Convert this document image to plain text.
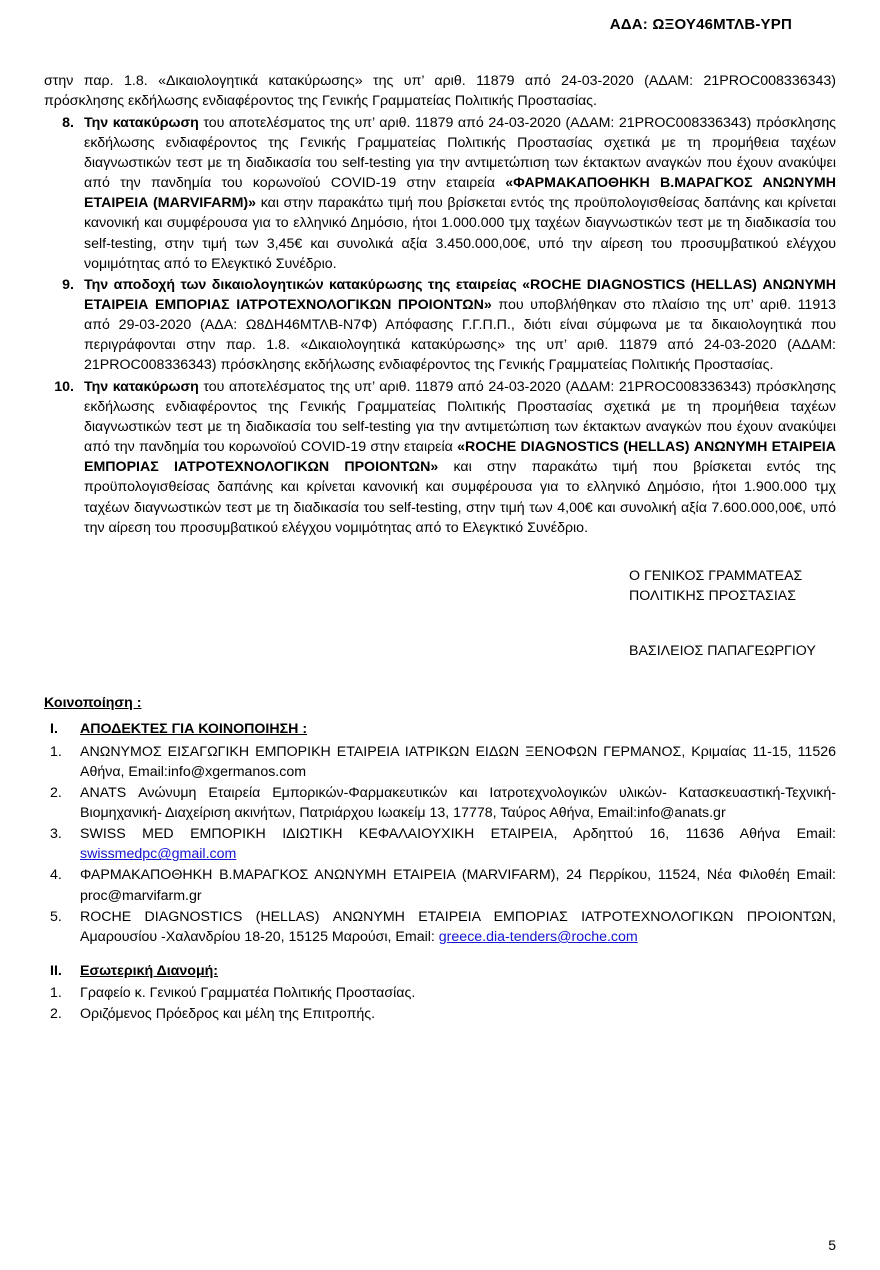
ΑΔΑ: ΩΞΟΥ46ΜΤΛΒ-ΥΡΠ

στην παρ. 1.8. «Δικαιολογητικά κατακύρωσης» της υπ’ αριθ. 11879 από 24-03-2020 (ΑΔΑΜ: 21PROC008336343) πρόσκλησης εκδήλωσης ενδιαφέροντος της Γενικής Γραμματείας Πολιτικής Προστασίας.

8. Την κατακύρωση του αποτελέσματος της υπ’ αριθ. 11879 από 24-03-2020 (ΑΔΑΜ: 21PROC008336343) πρόσκλησης εκδήλωσης ενδιαφέροντος της Γενικής Γραμματείας Πολιτικής Προστασίας σχετικά με τη προμήθεια ταχέων διαγνωστικών τεστ με τη διαδικασία του self-testing για την αντιμετώπιση των έκτακτων αναγκών που έχουν ανακύψει από την πανδημία του κορωνοϊού COVID-19 στην εταιρεία «ΦΑΡΜΑΚΑΠΟΘΗΚΗ Β.ΜΑΡΑΓΚΟΣ ΑΝΩΝΥΜΗ ΕΤΑΙΡΕΙΑ (MARVIFARM)» και στην παρακάτω τιμή που βρίσκεται εντός της προϋπολογισθείσας δαπάνης και κρίνεται κανονική και συμφέρουσα για το ελληνικό Δημόσιο, ήτοι 1.000.000 τμχ ταχέων διαγνωστικών τεστ με τη διαδικασία του self-testing, στην τιμή των 3,45€ και συνολικά αξία 3.450.000,00€, υπό την αίρεση του προσυμβατικού ελέγχου νομιμότητας από το Ελεγκτικό Συνέδριο.
9. Την αποδοχή των δικαιολογητικών κατακύρωσης της εταιρείας «ROCHE DIAGNOSTICS (HELLAS) ΑΝΩΝΥΜΗ ΕΤΑΙΡΕΙΑ ΕΜΠΟΡΙΑΣ ΙΑΤΡΟΤΕΧΝΟΛΟΓΙΚΩΝ ΠΡΟΙΟΝΤΩΝ» που υποβλήθηκαν στο πλαίσιο της υπ’ αριθ. 11913 από 29-03-2020 (ΑΔΑ: Ω8ΔΗ46ΜΤΛΒ-Ν7Φ) Απόφασης Γ.Γ.Π.Π., διότι είναι σύμφωνα με τα δικαιολογητικά που περιγράφονται στην παρ. 1.8. «Δικαιολογητικά κατακύρωσης» της υπ’ αριθ. 11879 από 24-03-2020 (ΑΔΑΜ: 21PROC008336343) πρόσκλησης εκδήλωσης ενδιαφέροντος της Γενικής Γραμματείας Πολιτικής Προστασίας.
10. Την κατακύρωση του αποτελέσματος της υπ’ αριθ. 11879 από 24-03-2020 (ΑΔΑΜ: 21PROC008336343) πρόσκλησης εκδήλωσης ενδιαφέροντος της Γενικής Γραμματείας Πολιτικής Προστασίας σχετικά με τη προμήθεια ταχέων διαγνωστικών τεστ με τη διαδικασία του self-testing για την αντιμετώπιση των έκτακτων αναγκών που έχουν ανακύψει από την πανδημία του κορωνοϊού COVID-19 στην εταιρεία «ROCHE DIAGNOSTICS (HELLAS) ΑΝΩΝΥΜΗ ΕΤΑΙΡΕΙΑ ΕΜΠΟΡΙΑΣ ΙΑΤΡΟΤΕΧΝΟΛΟΓΙΚΩΝ ΠΡΟΙΟΝΤΩΝ» και στην παρακάτω τιμή που βρίσκεται εντός της προϋπολογισθείσας δαπάνης και κρίνεται κανονική και συμφέρουσα για το ελληνικό Δημόσιο, ήτοι 1.900.000 τμχ ταχέων διαγνωστικών τεστ με τη διαδικασία του self-testing, στην τιμή των 4,00€ και συνολική αξία 7.600.000,00€, υπό την αίρεση του προσυμβατικού ελέγχου νομιμότητας από το Ελεγκτικό Συνέδριο.
Ο ΓΕΝΙΚΟΣ ΓΡΑΜΜΑΤΕΑΣ
ΠΟΛΙΤΙΚΗΣ ΠΡΟΣΤΑΣΙΑΣ
ΒΑΣΙΛΕΙΟΣ ΠΑΠΑΓΕΩΡΓΙΟΥ
Κοινοποίηση :
I.	ΑΠΟΔΕΚΤΕΣ ΓΙΑ ΚΟΙΝΟΠΟΙΗΣΗ :
1.	ΑΝΩΝΥΜΟΣ ΕΙΣΑΓΩΓΙΚΗ ΕΜΠΟΡΙΚΗ ΕΤΑΙΡΕΙΑ ΙΑΤΡΙΚΩΝ ΕΙΔΩΝ ΞΕΝΟΦΩΝ ΓΕΡΜΑΝΟΣ, Κριμαίας 11-15, 11526 Αθήνα, Email:info@xgermanos.com
2.	ΑΝΑΤS Ανώνυμη Εταιρεία Εμπορικών-Φαρμακευτικών και Ιατροτεχνολογικών υλικών- Κατασκευαστική-Τεχνική-Βιομηχανική- Διαχείριση ακινήτων, Πατριάρχου Ιωακείμ 13, 17778, Ταύρος Αθήνα, Email:info@anats.gr
3.	SWISS MED ΕΜΠΟΡΙΚΗ ΙΔΙΩΤΙΚΗ ΚΕΦΑΛΑΙΟΥΧΙΚΗ ΕΤΑΙΡΕΙΑ, Αρδηττού 16, 11636 Αθήνα Email: swissmedpc@gmail.com
4.	ΦΑΡΜΑΚΑΠΟΘΗΚΗ Β.ΜΑΡΑΓΚΟΣ ΑΝΩΝΥΜΗ ΕΤΑΙΡΕΙΑ (MARVIFARM), 24 Περρίκου, 11524, Νέα Φιλοθέη Email: proc@marvifarm.gr
5.	ROCHE DIAGNOSTICS (HELLAS) ΑΝΩΝΥΜΗ ΕΤΑΙΡΕΙΑ ΕΜΠΟΡΙΑΣ ΙΑΤΡΟΤΕΧΝΟΛΟΓΙΚΩΝ ΠΡΟΙΟΝΤΩΝ, Αμαρουσίου -Χαλανδρίου 18-20, 15125 Μαρούσι, Email: greece.dia-tenders@roche.com
II.	Εσωτερική Διανομή:
1.	Γραφείο κ. Γενικού Γραμματέα Πολιτικής Προστασίας.
2.	Οριζόμενος Πρόεδρος και μέλη της Επιτροπής.
5
